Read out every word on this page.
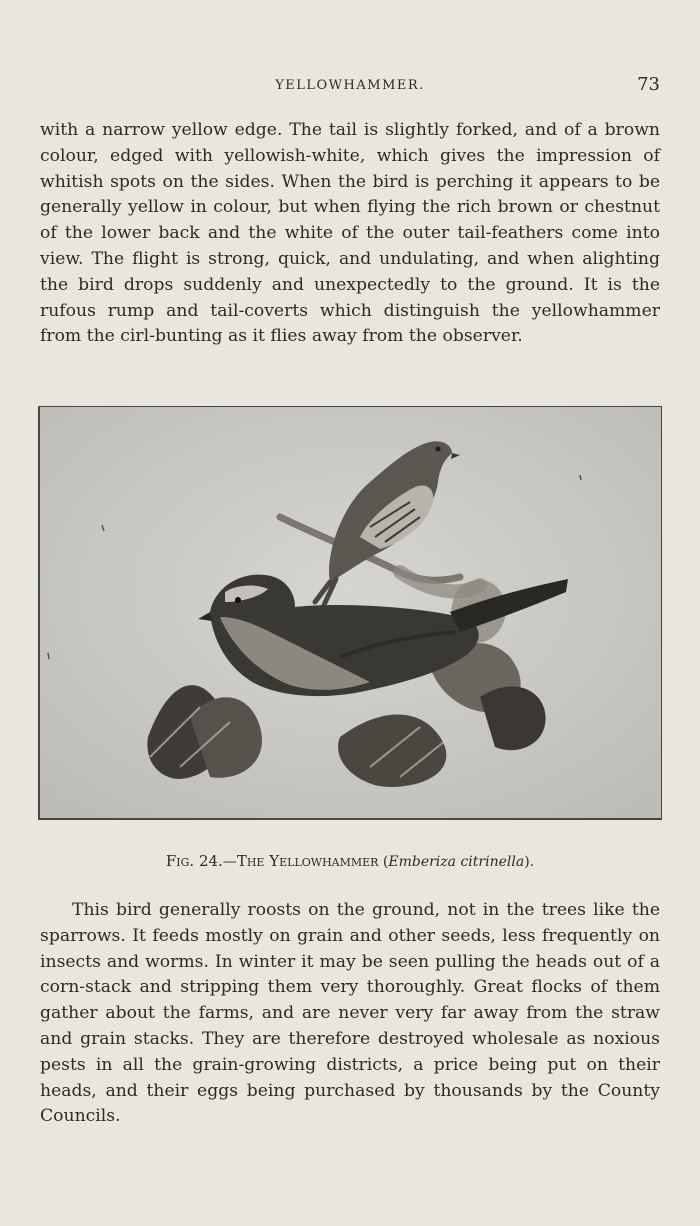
YELLOWHAMMER.	73

with a narrow yellow edge. The tail is slightly forked, and of a brown colour, edged with yellowish-white, which gives the impression of whitish spots on the sides. When the bird is perching it appears to be generally yellow in colour, but when flying the rich brown or chestnut of the lower back and the white of the outer tail-feathers come into view. The flight is strong, quick, and undulating, and when alighting the bird drops suddenly and unexpectedly to the ground. It is the rufous rump and tail-coverts which distinguish the yellowhammer from the cirl-bunting as it flies away from the observer.

Fig. 24.—The Yellowhammer (Emberiza citrinella).

This bird generally roosts on the ground, not in the trees like the sparrows. It feeds mostly on grain and other seeds, less frequently on insects and worms. In winter it may be seen pulling the heads out of a corn-stack and stripping them very thoroughly. Great flocks of them gather about the farms, and are never very far away from the straw and grain stacks. They are therefore destroyed wholesale as noxious pests in all the grain-growing districts, a price being put on their heads, and their eggs being purchased by thousands by the County Councils.
